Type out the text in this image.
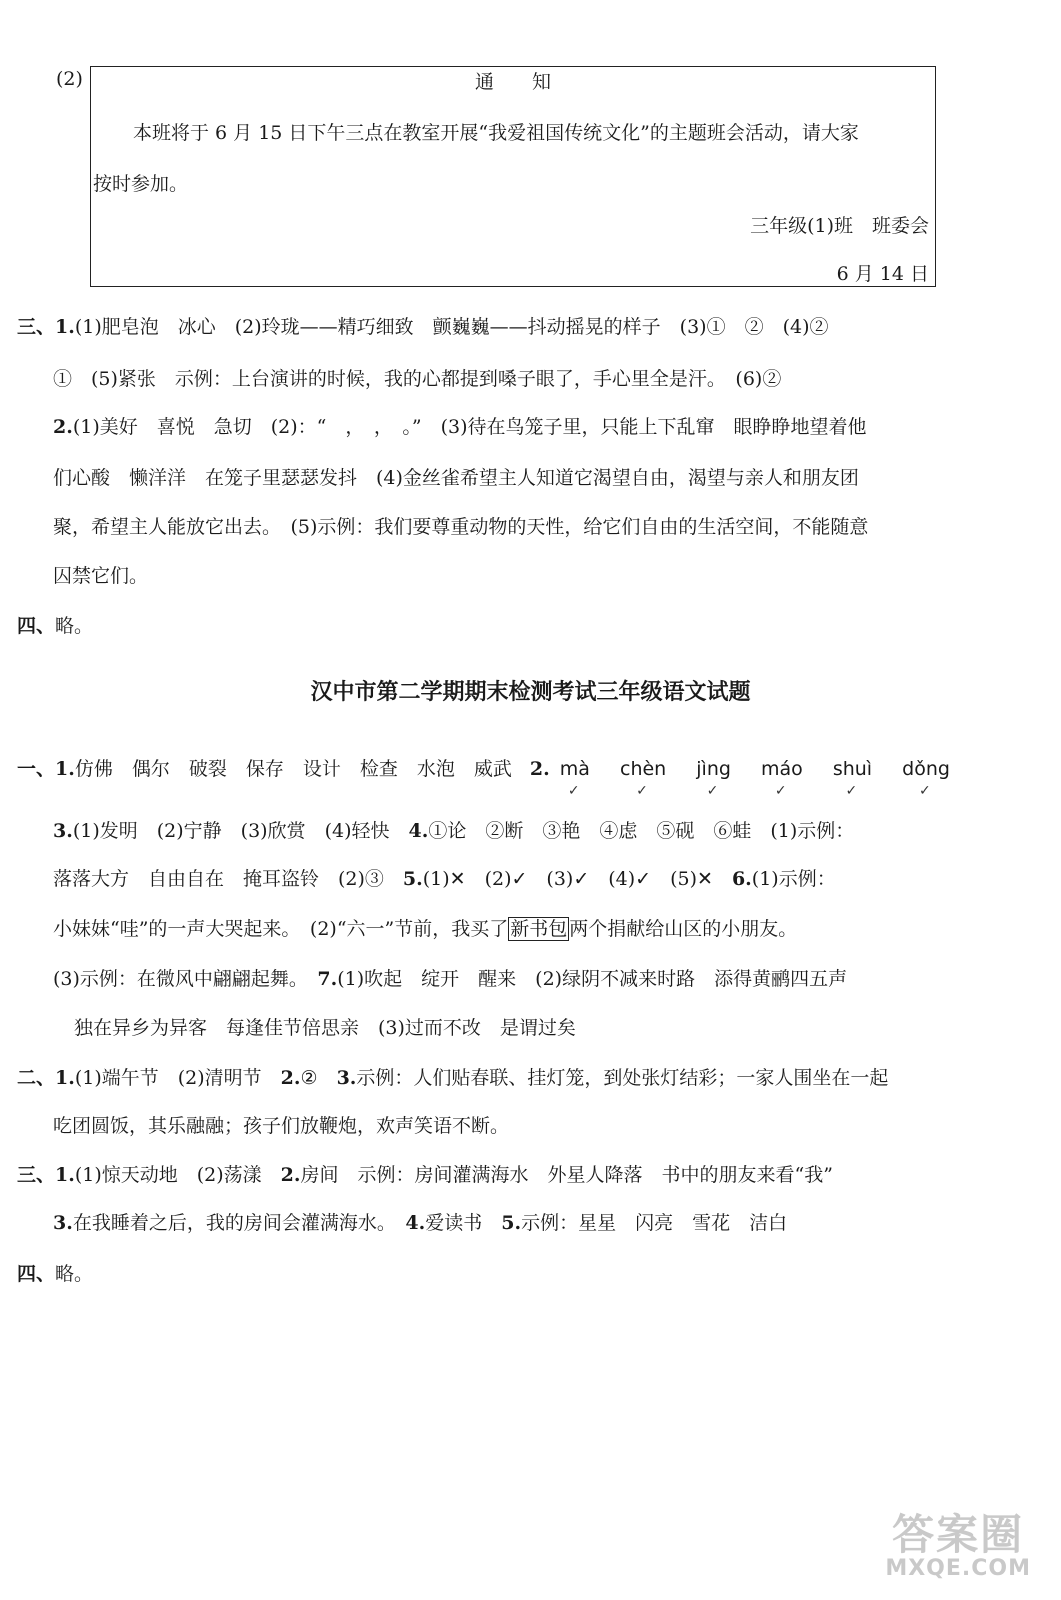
(2)	通　　知
本班将于 6 月 15 日下午三点在教室开展“我爱祖国传统文化”的主题班会活动，请大家
按时参加。
三年级(1)班　班委会
6 月 14 日
三、1.(1)肥皂泡　冰心　(2)玲珑——精巧细致　颤巍巍——抖动摇晃的样子　(3)①　②　(4)②
①　(5)紧张　示例：上台演讲的时候，我的心都提到嗓子眼了，手心里全是汗。　(6)②
2.(1)美好　喜悦　急切　(2)：“　，　，　。”　(3)待在鸟笼子里，只能上下乱窜　眼睁睁地望着他
们心酸　懒洋洋　在笼子里瑟瑟发抖　(4)金丝雀希望主人知道它渴望自由，渴望与亲人和朋友团
聚，希望主人能放它出去。　(5)示例：我们要尊重动物的天性，给它们自由的生活空间，不能随意
囚禁它们。
四、略。
汉中市第二学期期末检测考试三年级语文试题
一、1.仿佛　偶尔　破裂　保存　设计　检查　水泡　威武 2. mà
✓
chèn
✓
jìng
✓
máo
✓
shuì
✓
dǒng
✓
3.(1)发明　(2)宁静　(3)欣赏　(4)轻快　4.①论　②断　③艳　④虑　⑤砚　⑥蛙　(1)示例：
落落大方　自由自在　掩耳盗铃　(2)③　5.(1)✕　(2)✓　(3)✓　(4)✓　(5)✕　6.(1)示例：
小妹妹“哇”的一声大哭起来。　(2)“六一”节前，我买了 新书包 两个捐献给山区的小朋友。
(3)示例：在微风中翩翩起舞。　7.(1)吹起　绽开　醒来　(2)绿阴不减来时路　添得黄鹂四五声
独在异乡为异客　每逢佳节倍思亲　(3)过而不改　是谓过矣
二、1.(1)端午节　(2)清明节　2.②　3.示例：人们贴春联、挂灯笼，到处张灯结彩；一家人围坐在一起
吃团圆饭，其乐融融；孩子们放鞭炮，欢声笑语不断。
三、1.(1)惊天动地　(2)荡漾　2.房间　示例：房间灌满海水　外星人降落　书中的朋友来看“我”
3.在我睡着之后，我的房间会灌满海水。　4.爱读书　5.示例：星星　闪亮　雪花　洁白
四、略。
答案圈
MXQE.COM
